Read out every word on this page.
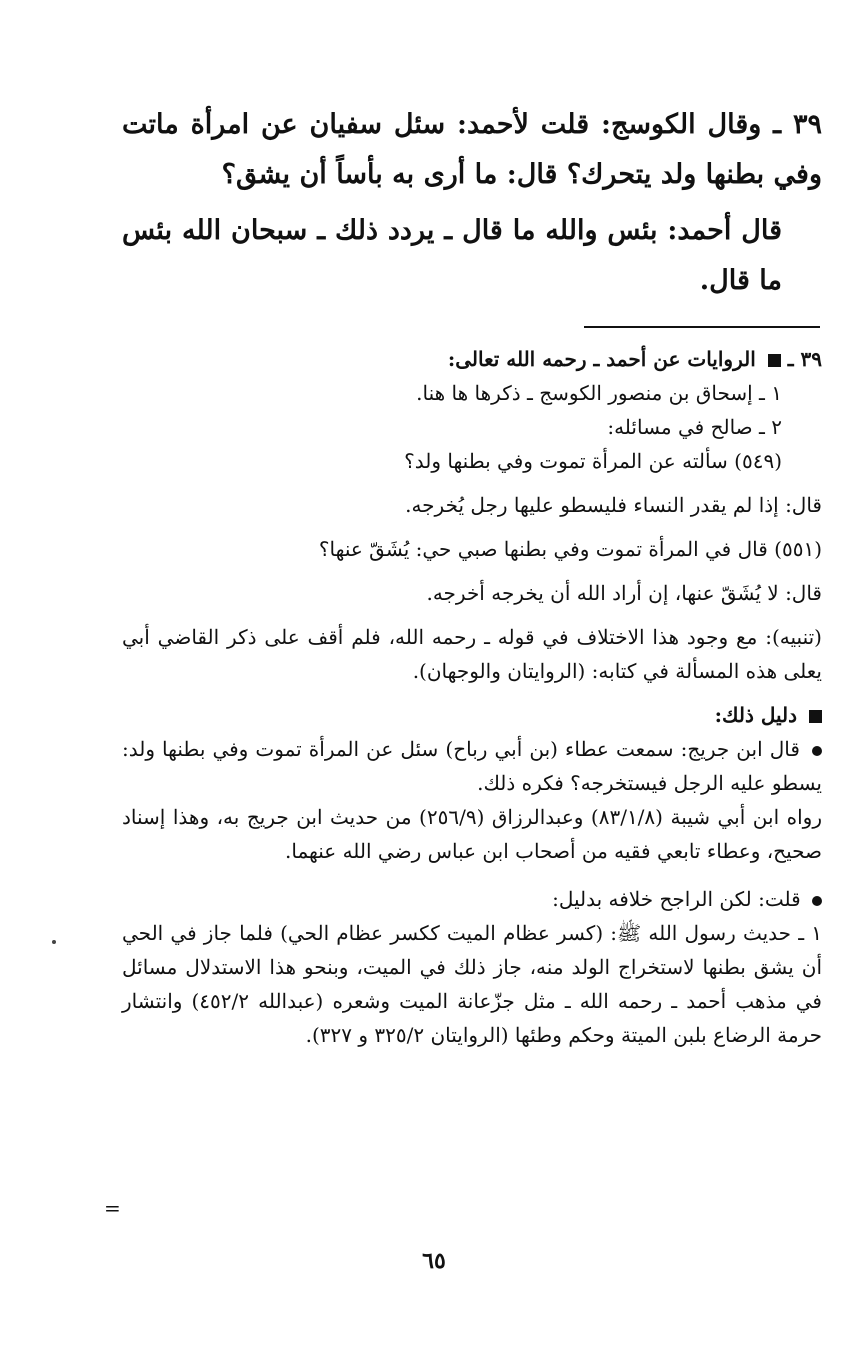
٣٩ ـ وقال الكوسج: قلت لأحمد: سئل سفيان عن امرأة ماتت وفي بطنها ولد يتحرك؟ قال: ما أرى به بأساً أن يشق؟

قال أحمد: بئس والله ما قال ـ يردد ذلك ـ سبحان الله بئس ما قال.

٣٩ ـ  الروايات عن أحمد ـ رحمه الله تعالى:

١ ـ إسحاق بن منصور الكوسج ـ ذكرها ها هنا.

٢ ـ صالح في مسائله:

(٥٤٩) سألته عن المرأة تموت وفي بطنها ولد؟

قال: إذا لم يقدر النساء فليسطو عليها رجل يُخرجه.

(٥٥١) قال في المرأة تموت وفي بطنها صبي حي: يُشَقّ عنها؟

قال: لا يُشَقّ عنها، إن أراد الله أن يخرجه أخرجه.

(تنبيه): مع وجود هذا الاختلاف في قوله ـ رحمه الله، فلم أقف على ذكر القاضي أبي يعلى هذه المسألة في كتابه: (الروايتان والوجهان).

دليل ذلك:

قال ابن جريج: سمعت عطاء (بن أبي رباح) سئل عن المرأة تموت وفي بطنها ولد: يسطو عليه الرجل فيستخرجه؟ فكره ذلك.

رواه ابن أبي شيبة (٨٣/١/٨) وعبدالرزاق (٢٥٦/٩) من حديث ابن جريج به، وهذا إسناد صحيح، وعطاء تابعي فقيه من أصحاب ابن عباس رضي الله عنهما.

قلت: لكن الراجح خلافه بدليل:

١ ـ حديث رسول الله ﷺ: (كسر عظام الميت ككسر عظام الحي) فلما جاز في الحي أن يشق بطنها لاستخراج الولد منه، جاز ذلك في الميت، وبنحو هذا الاستدلال مسائل في مذهب أحمد ـ رحمه الله ـ مثل جزّعانة الميت وشعره (عبدالله ٤٥٢/٢) وانتشار حرمة الرضاع بلبن الميتة وحكم وطئها (الروايتان ٣٢٥/٢ و ٣٢٧).

=
٦٥
